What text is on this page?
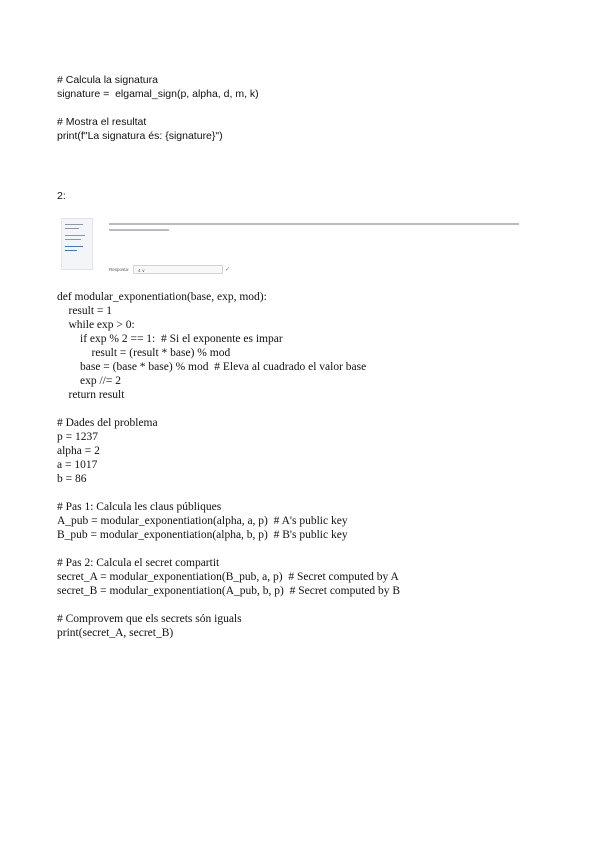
# Calcula la signatura
signature =  elgamal_sign(p, alpha, d, m, k)
# Mostra el resultat
print(f"La signatura és: {signature}")
2:
Resposta:	4 ∨	✓
def modular_exponentiation(base, exp, mod):
result = 1
while exp > 0:
if exp % 2 == 1:  # Si el exponente es impar
result = (result * base) % mod
base = (base * base) % mod  # Eleva al cuadrado el valor base
exp //= 2
return result
# Dades del problema
p = 1237
alpha = 2
a = 1017
b = 86
# Pas 1: Calcula les claus públiques
A_pub = modular_exponentiation(alpha, a, p)  # A's public key
B_pub = modular_exponentiation(alpha, b, p)  # B's public key
# Pas 2: Calcula el secret compartit
secret_A = modular_exponentiation(B_pub, a, p)  # Secret computed by A
secret_B = modular_exponentiation(A_pub, b, p)  # Secret computed by B
# Comprovem que els secrets són iguals
print(secret_A, secret_B)
